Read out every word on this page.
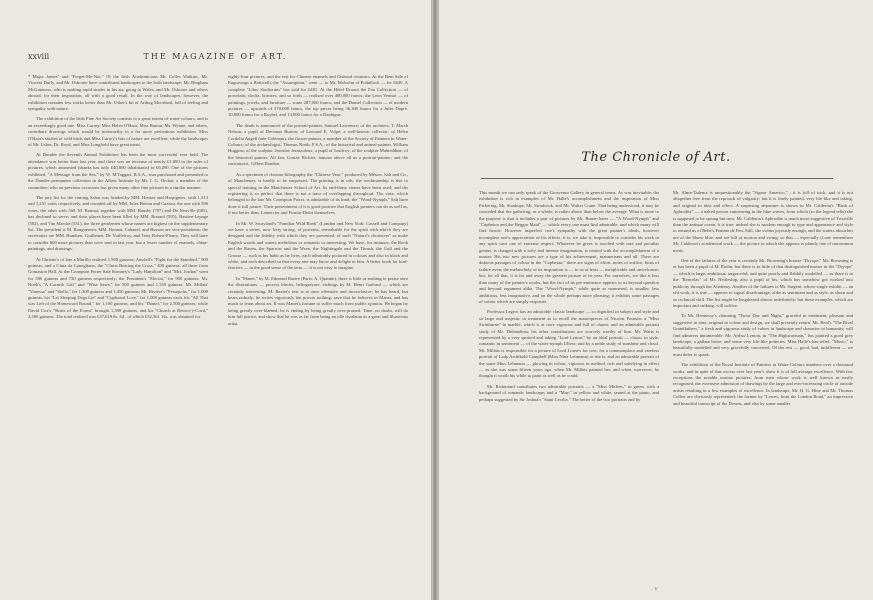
xxviii	THE MAGAZINE OF ART.

* Major James" and "Forget-Me-Not." Of the Irish Academicians Mr. Colles Watkins, Mr. Vincent Duffy, and Mr. Osborne have contributed landscapes to the Irish landscape; Mr. Bingham McGuinness, who is making rapid strides in his art, going to Wales, and Mr. Osborne and others abroad, for their inspiration, all with a good result. In the way of landscapes, however, the exhibition contains few works better than Mr. Usher's bit of Arthog Moorland, full of feeling and sympathy with nature.

The exhibition of the Irish Fine Art Society consists to a great extent of water-colours, and is an exceedingly good one. Miss Currey, Miss Helen O'Hara, Miss Barton, Mr. Wynne, and others, contribute drawings which would be noteworthy in a far more pretentious exhibition. Miss O'Hara's studies of wild birds and Miss Currey's bits of nature are excellent; while the landscapes of Mr. Usher, Dr. Boyd, and Miss Longfield have great merit.

At Dundee the Seventh Annual Exhibition has been the most successful ever held. The attendance was better than last year, and there was an increase of nearly £1,000 in the sales of pictures, which amounted (thanks has only £40,000 inhabitants) to £6,290. One of the pictures exhibited, "A Message from the Sea," by W. M'Taggart, R.S.A., was purchased and presented to the Dundee permanent collection in the Albert Institute by Mr. J. G. Orchar, a member of the committee, who on previous occasions has given many other fine pictures in a similar manner.

The jury list for the coming Salon was headed by MM. Henner and Harpignies, with 1,313 and 1,251 votes respectively, and rounded off by MM. Jules Breton and Cazeau, the one with 596 votes, the other with 568. M. Bonnat, together with MM. Baudry (707) and De Neuville (683), has declined to serve; and their places have been filled by MM. Bouard (595), Bastien-Lepage (582), and Van Marcke (531), the three gentlemen whose names are highest on the supplementary list. The president is M. Bouguereau; MM. Bonnat, Cabanel, and Busson are vice-presidents; the secretaries are MM. Humbert, Guillemet, De Vuillefroy, and Tony Robert-Fleury. They will have to consider 600 more pictures than were sent in last year, but a lesser number of enamels, china-paintings, and drawings.

At Christie's of late a Murillo realised 1,900 guineas; Ansdell's "Fight for the Standard," 900 guineas; and a Cima da Conegliano, the "Christ Bearing the Cross," 400 guineas: all three from Gomaston Hall. At the Crompton Potter Sale Romney's "Lady Hamilton" and "Mrs. Jordan" went for 580 guineas and 730 guineas respectively; the President's "Electra," for 900 guineas; Mr. Hook's "A Cornish Gift" and "Wise Saws," for 500 guineas and 1,550 guineas; Mr. Millais' "Vanessa" and "Stella," for 1,300 guineas and 1,450 guineas; Mr. Riviere's "Persepolis," for 1,000 guineas, his "Let Sleeping Dogs Lie" and "Cupboard Love," for 1,000 guineas each, his "All That was Left of the Homeward Bound," for 1,100 guineas, and his "Daniel," for 2,500 guineas; while David Cox's "Skirts of the Forest" brought 1,390 guineas, and his "Church at Bettws-y-Coed," 2,500 guineas. The total realised was £37,619 8s. 6d., of which £32,561 14s. was obtained for

eighty-four pictures, and the rest for Chinese enamels and Oriental ceramics. At the Bent Sale of Engravings a Botticelli, the "Assumption," went — to Mr. Malcolm of Poltalloch — for £640. A complete "Liber Studiorum" has sold for £481. At the Hôtel Drouot the Fau Collection — of porcelain, clocks, bronzes, and so forth — realised over 400,000 francs; the Leon Venturi — of paintings, jewels, and furniture — some 287,000 francs; and the Dansel Collection — of modern pictures — upwards of 270,000 francs, the top prices being 36,300 francs for a Jules Dupré, 10,800 francs for a Roybet, and 13,000 francs for a Daubigny.

The death is announced of the portrait-painter, Samuel Lawrence; of the architect, T. Marsh Nelson, a pupil of Decimus Burton; of Leonard E. Volpé, a well-known collector; of Helen Cordelia Angell (née Coleman), the flower-painter, a member of the Society of Painters in Water-Colours; of the archæologist, Thomas North, F.S.A.; of the historical and animal-painter, William Huggins; of the sculptor, Jaroslav Jermouleux, a pupil of Jouffroy; of the sculptor Mahieddine; of the historical painter, Ali Jan; Gustav Richter, famous above all as a portrait-painter; and the caricaturist, Gilbert Randon.

As a specimen of chromo-lithography the "Chinese Vase," produced by Messrs. Salt and Co., of Manchester, is hardly to be surpassed. The printing is in oils; the workmanship is due to special training in the Manchester School of Art. Its end-thirty stones have been used; and the registering is so perfect that there is not a trace of overlapping throughout. The vase, which belonged to the late Mr. Crompton Potter, is admirable of its kind; the "Wood-Nymph," Salt have done it full justice. Their presentment of it is good positive that English printers can do as well as, if not better than, Lemercier and Firmin-Didot themselves.

In Mr. W. Swayland's "Familiar Wild Birds" (London and New York: Cassell and Company) we have a series, now forty strong, of portraits, remarkable for the spirit with which they are designed and the fidelity with which they are presented, of such "Nature's choristers" as make English woods and waters melodious or romantic or interesting. We have, for instance, the Rook and the Raven, the Sparrow and the Wren, the Nightingale and the Thrush, the Gull and the Grouse — such is his habit as he lives, each admirably pictured in colours and also in black and white, and each described so that every one may know and delight in him. A better book for bird-fanciers — in the good sense of the term — it is not easy to imagine.

In "Manet," by M. Edmond Bazire (Paris: A. Quantin), there is little or nothing to praise save the illustrations — process blocks, heliogravure, etchings by M. Henri Guérard — which are certainly interesting. M. Bazire's text is at once offensive and inconclusive; he has heard, but hears nobody; he writes vigorously but proves nothing, save that he believes in Manet, and has much to learn about art. It was Manet's fortune to suffer much from public opinion. He began by being greatly over-blamed; he is ending by being greatly over-praised. Time, no doubt, will do him full justice, and show that he was as far from being an idle charlatan as a great and illustrious artist.

The Chronicle of Art.

This month we can only speak of the Grosvenor Gallery in general terms. As was inevitable, the exhibition is rich in examples of Mr. Halle's accomplishment and the inspiration of Miss Pickering, Mr. Stanhope, Mr. Strudwick, and Mr. Walter Crane. That being understood, it may be conceded that the gathering, as a whole, is rather above than below the average. What is more to the purpose is that it includes a pair of pictures by Mr. Burne-Jones — "A Wood-Nymph" and "Cupheton and the Beggar Maid" — which every one must find admirable, and which many will find heroic. However imperfect one's sympathy with the great painter's ideals, however incomplete one's appreciation of his effects, it is, we take it, impossible to consider his work in any spirit save one of extreme respect. Whatever he gives is touched with rare and peculiar genius, is charged with a lofty and intense imagination, is treated with the accomplishment of a master. His two new pictures are a type of his achievement, mannerisms and all. There are dubious passages of colour in the "Cophetua;" there are signs of effort, notes of artifice, hints of failure even; the melancholy of its inspiration is — to us at least — inexplicable and unwelcome; but, for all that, it is far and away the greatest picture of its year. For ourselves, we like it less than many of the painter's works, but the fact of its pre-eminence appears to us beyond question and beyond argument alike. The "Wood-Nymph," while quite as mannered, is smaller, less ambitious, less imaginative, and on the whole perhaps more pleasing; it exhibits some passages of colour which are simply exquisite.

Professor Legros has an admirable classic landscape — so dignified in subject and style and so large and majestic in treatment as to recall the masterpieces of Nicolas Poussin; a "Miss Swinburne" in marble, which is at once vigorous and full of charm; and an admirable portrait study of Mr. Thibaudeau; his other contributions are scarcely worthy of him. Mr. Watts is represented by a very spirited and taking "Lord Lytton;" by an ideal portrait — classic in style, romantic in sentiment — of the water-nymph Ulfrea; and by a noble study of sunshine and cloud. Mr. Millais is responsible for a picture of Lord Lorne's for cost; for a commonplace and careless portrait of Lady Archibald Campbell (Miss Nina Lehmann) as she is; and an admirable portrait of the same Miss Lehmann — glowing in colour, vigorous in method, rich and satisfying in effect — as she was some fifteen years ago, when Mr. Millais painted her, and when, moreover, he thought it worth his while to paint as well as he could.

Mr. Richmond contributes two admirable portraits — a "Miss Mirlees," in green, with a background of romantic landscape; and a "May," in yellow and white, seated at the piano, and perhaps suggested by Sir Joshua's "Saint Cecilia." The better of the two portraits and by

Mr. Alma-Tadema is unquestionably the "Signor Americo," ; it is full of trick, and it is not altogether free from the reproach of vulgarity; but it is finely painted, very life-like and taking, and original in idea and effect. A surprising departure is shown in Mr. Calderon's "Birth of Aphrodite" — a naked person vanneuring in the blue waves, from which (so the legend tells) she is supposed to be sprung but now. Mr. Calderon's Aphrodite is much more suggestive of Trouville than the antique ocean, it is true; indeed she is modern enough to type and appearance and style to remind us of Bebe's Femme de Feu. Still, she swims joyously enough, and the waters about her are of the bluest blue, and are full of motion and swing; so that — especially if one remembers Mr. Calderon's academical work — the picture in which she appears is plainly one of uncommon merit.

One of the failures of the year is certainly Mr. Browning's bronze "Dryope." Mr. Browning is or has been a pupil of M. Rodin; but there is as little of that distinguished master in the "Dryope" — which is large, ambitious, ungraceful, and quite poorly and flabbily modelled — as there is in the "Rencelac" of Mr. Nettleship, also a pupil of his, which has somehow got worked into publicity through the Academy. Another of the failures is Mr. Sargent, whose single exhibit — an old work, it is true — appears to signal disadvantage, alike as sentiment and as style, as shorn and so technical skill. The list might be lengthened almost indefinitely; but these examples, which are important and striking, will suffice.

To Mr. Hennessy's charming "Twixt Day and Night," graceful in sentiment, pleasant and suggestive in tone, original in colour and design, we shall presently return. Mr. Reid's "The Rival Grandfathers," a fresh and vigorous study of values in landscape and character in humanity, will find admirers innumerable. Mr. Arthur Lemon, in "The Highwayman," has painted a good grey landscape, a gallant horse, and some very life-like potteries. Miss Hallé's bas-relief, "Music," is beautifully modelled and very gracefully conceived. Of the rest — good, bad, indifferent — we must defer to speak.

The exhibition of the Royal Institute of Painters in Water-Colours numbers over a thousand works, and in spite of this excess over last year's show it is of full average excellence. With few exceptions the notable marine pictures, from men whose work is well known as easily recognised, the extensive admission of drawings by the large and ever-increasing circle of outside artists resulting in a few examples of excellence. In landscape, Mr. H. G. Hine and Mr. Thomas Collier are obviously represented; the former by "Lewes, from the London Road," an impressive and beautiful transcript of the Downs, and also by some smaller

v
